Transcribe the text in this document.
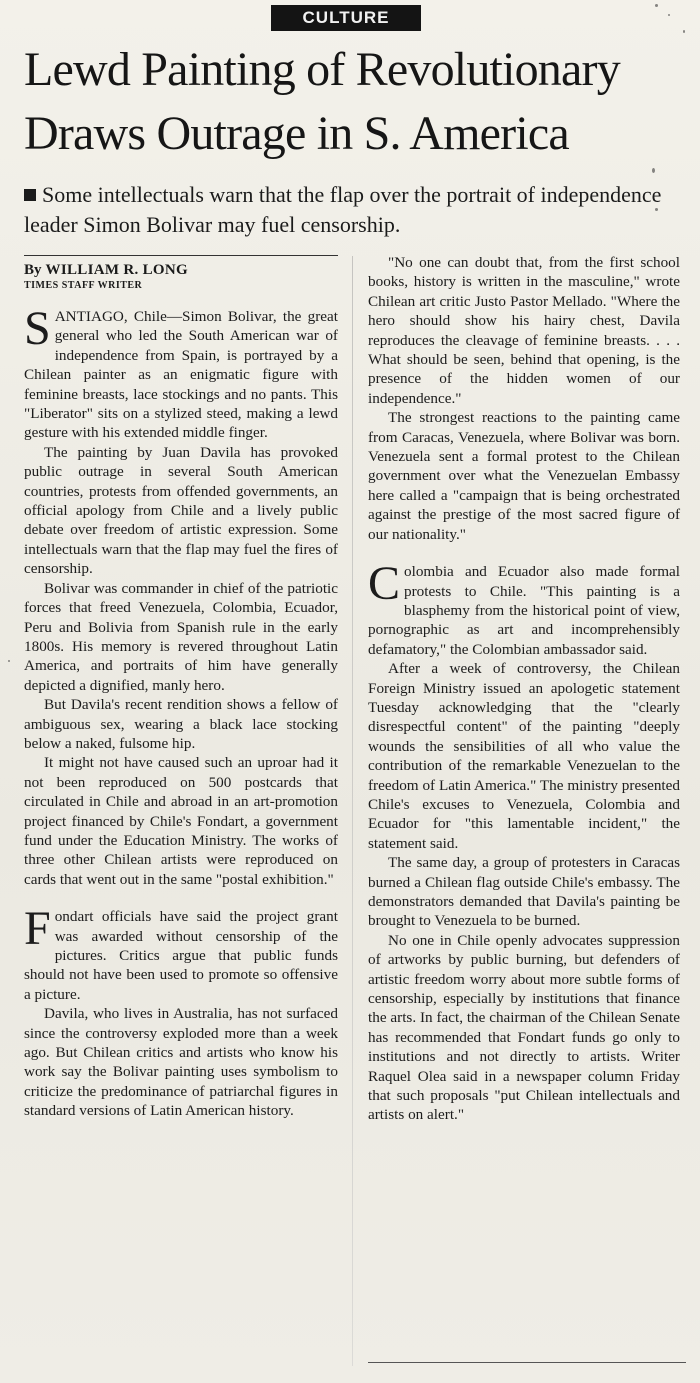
CULTURE
Lewd Painting of Revolutionary
Draws Outrage in S. America
Some intellectuals warn that the flap over the portrait of independence leader Simon Bolivar may fuel censorship.
By WILLIAM R. LONG
TIMES STAFF WRITER

SANTIAGO, Chile—Simon Bolivar, the great general who led the South American war of independence from Spain, is portrayed by a Chilean painter as an enigmatic figure with feminine breasts, lace stockings and no pants. This "Liberator" sits on a stylized steed, making a lewd gesture with his extended middle finger.

The painting by Juan Davila has provoked public outrage in several South American countries, protests from offended governments, an official apology from Chile and a lively public debate over freedom of artistic expression. Some intellectuals warn that the flap may fuel the fires of censorship.

Bolivar was commander in chief of the patriotic forces that freed Venezuela, Colombia, Ecuador, Peru and Bolivia from Spanish rule in the early 1800s. His memory is revered throughout Latin America, and portraits of him have generally depicted a dignified, manly hero.

But Davila's recent rendition shows a fellow of ambiguous sex, wearing a black lace stocking below a naked, fulsome hip.

It might not have caused such an uproar had it not been reproduced on 500 postcards that circulated in Chile and abroad in an art-promotion project financed by Chile's Fondart, a government fund under the Education Ministry. The works of three other Chilean artists were reproduced on cards that went out in the same "postal exhibition."

Fondart officials have said the project grant was awarded without censorship of the pictures. Critics argue that public funds should not have been used to promote so offensive a picture.

Davila, who lives in Australia, has not surfaced since the controversy exploded more than a week ago. But Chilean critics and artists who know his work say the Bolivar painting uses symbolism to criticize the predominance of patriarchal figures in standard versions of Latin American history.

"No one can doubt that, from the first school books, history is written in the masculine," wrote Chilean art critic Justo Pastor Mellado. "Where the hero should show his hairy chest, Davila reproduces the cleavage of feminine breasts. . . . What should be seen, behind that opening, is the presence of the hidden women of our independence."

The strongest reactions to the painting came from Caracas, Venezuela, where Bolivar was born. Venezuela sent a formal protest to the Chilean government over what the Venezuelan Embassy here called a "campaign that is being orchestrated against the prestige of the most sacred figure of our nationality."

Colombia and Ecuador also made formal protests to Chile. "This painting is a blasphemy from the historical point of view, pornographic as art and incomprehensibly defamatory," the Colombian ambassador said.

After a week of controversy, the Chilean Foreign Ministry issued an apologetic statement Tuesday acknowledging that the "clearly disrespectful content" of the painting "deeply wounds the sensibilities of all who value the contribution of the remarkable Venezuelan to the freedom of Latin America." The ministry presented Chile's excuses to Venezuela, Colombia and Ecuador for "this lamentable incident," the statement said.

The same day, a group of protesters in Caracas burned a Chilean flag outside Chile's embassy. The demonstrators demanded that Davila's painting be brought to Venezuela to be burned.

No one in Chile openly advocates suppression of artworks by public burning, but defenders of artistic freedom worry about more subtle forms of censorship, especially by institutions that finance the arts. In fact, the chairman of the Chilean Senate has recommended that Fondart funds go only to institutions and not directly to artists. Writer Raquel Olea said in a newspaper column Friday that such proposals "put Chilean intellectuals and artists on alert."
